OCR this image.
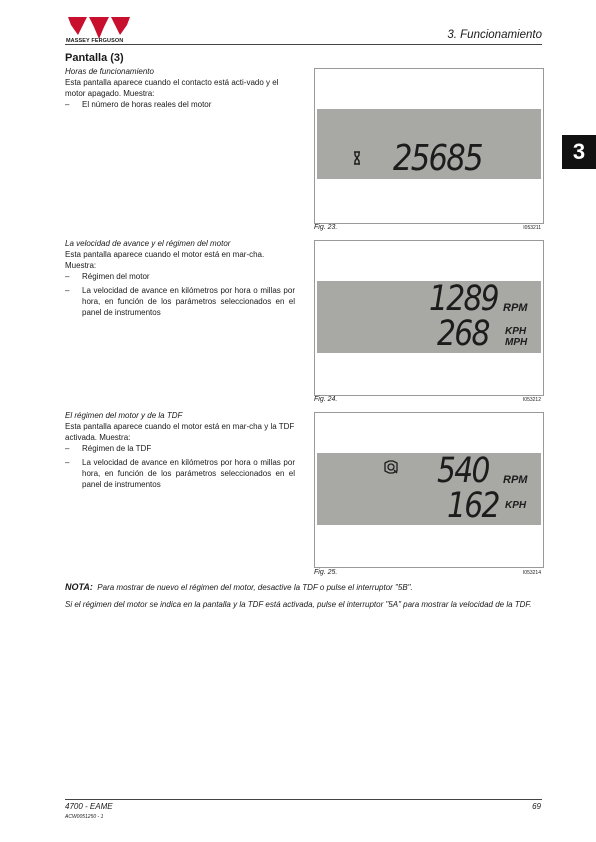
MASSEY FERGUSON	3. Funcionamiento
3
Pantalla (3)

Horas de funcionamiento

Esta pantalla aparece cuando el contacto está acti-vado y el motor apagado. Muestra:

–	El número de horas reales del motor

La velocidad de avance y el régimen del motor

Esta pantalla aparece cuando el motor está en mar-cha. Muestra:

–	Régimen del motor
–	La velocidad de avance en kilómetros por hora o millas por hora, en función de los parámetros seleccionados en el panel de instrumentos

El régimen del motor y de la TDF

Esta pantalla aparece cuando el motor está en mar-cha y la TDF activada. Muestra:

–	Régimen de la TDF
–	La velocidad de avance en kilómetros por hora o millas por hora, en función de los parámetros seleccionados en el panel de instrumentos
25685
Fig. 23.	I053211
1289 RPM
268 KPH
MPH
Fig. 24.	I053212
540 RPM
162 KPH
Fig. 25.	I053214
NOTA: Para mostrar de nuevo el régimen del motor, desactive la TDF o pulse el interruptor "5B".
Si el régimen del motor se indica en la pantalla y la TDF está activada, pulse el interruptor "5A" para mostrar la velocidad de la TDF.
4700 - EAME
ACW0051250 - 1
69
